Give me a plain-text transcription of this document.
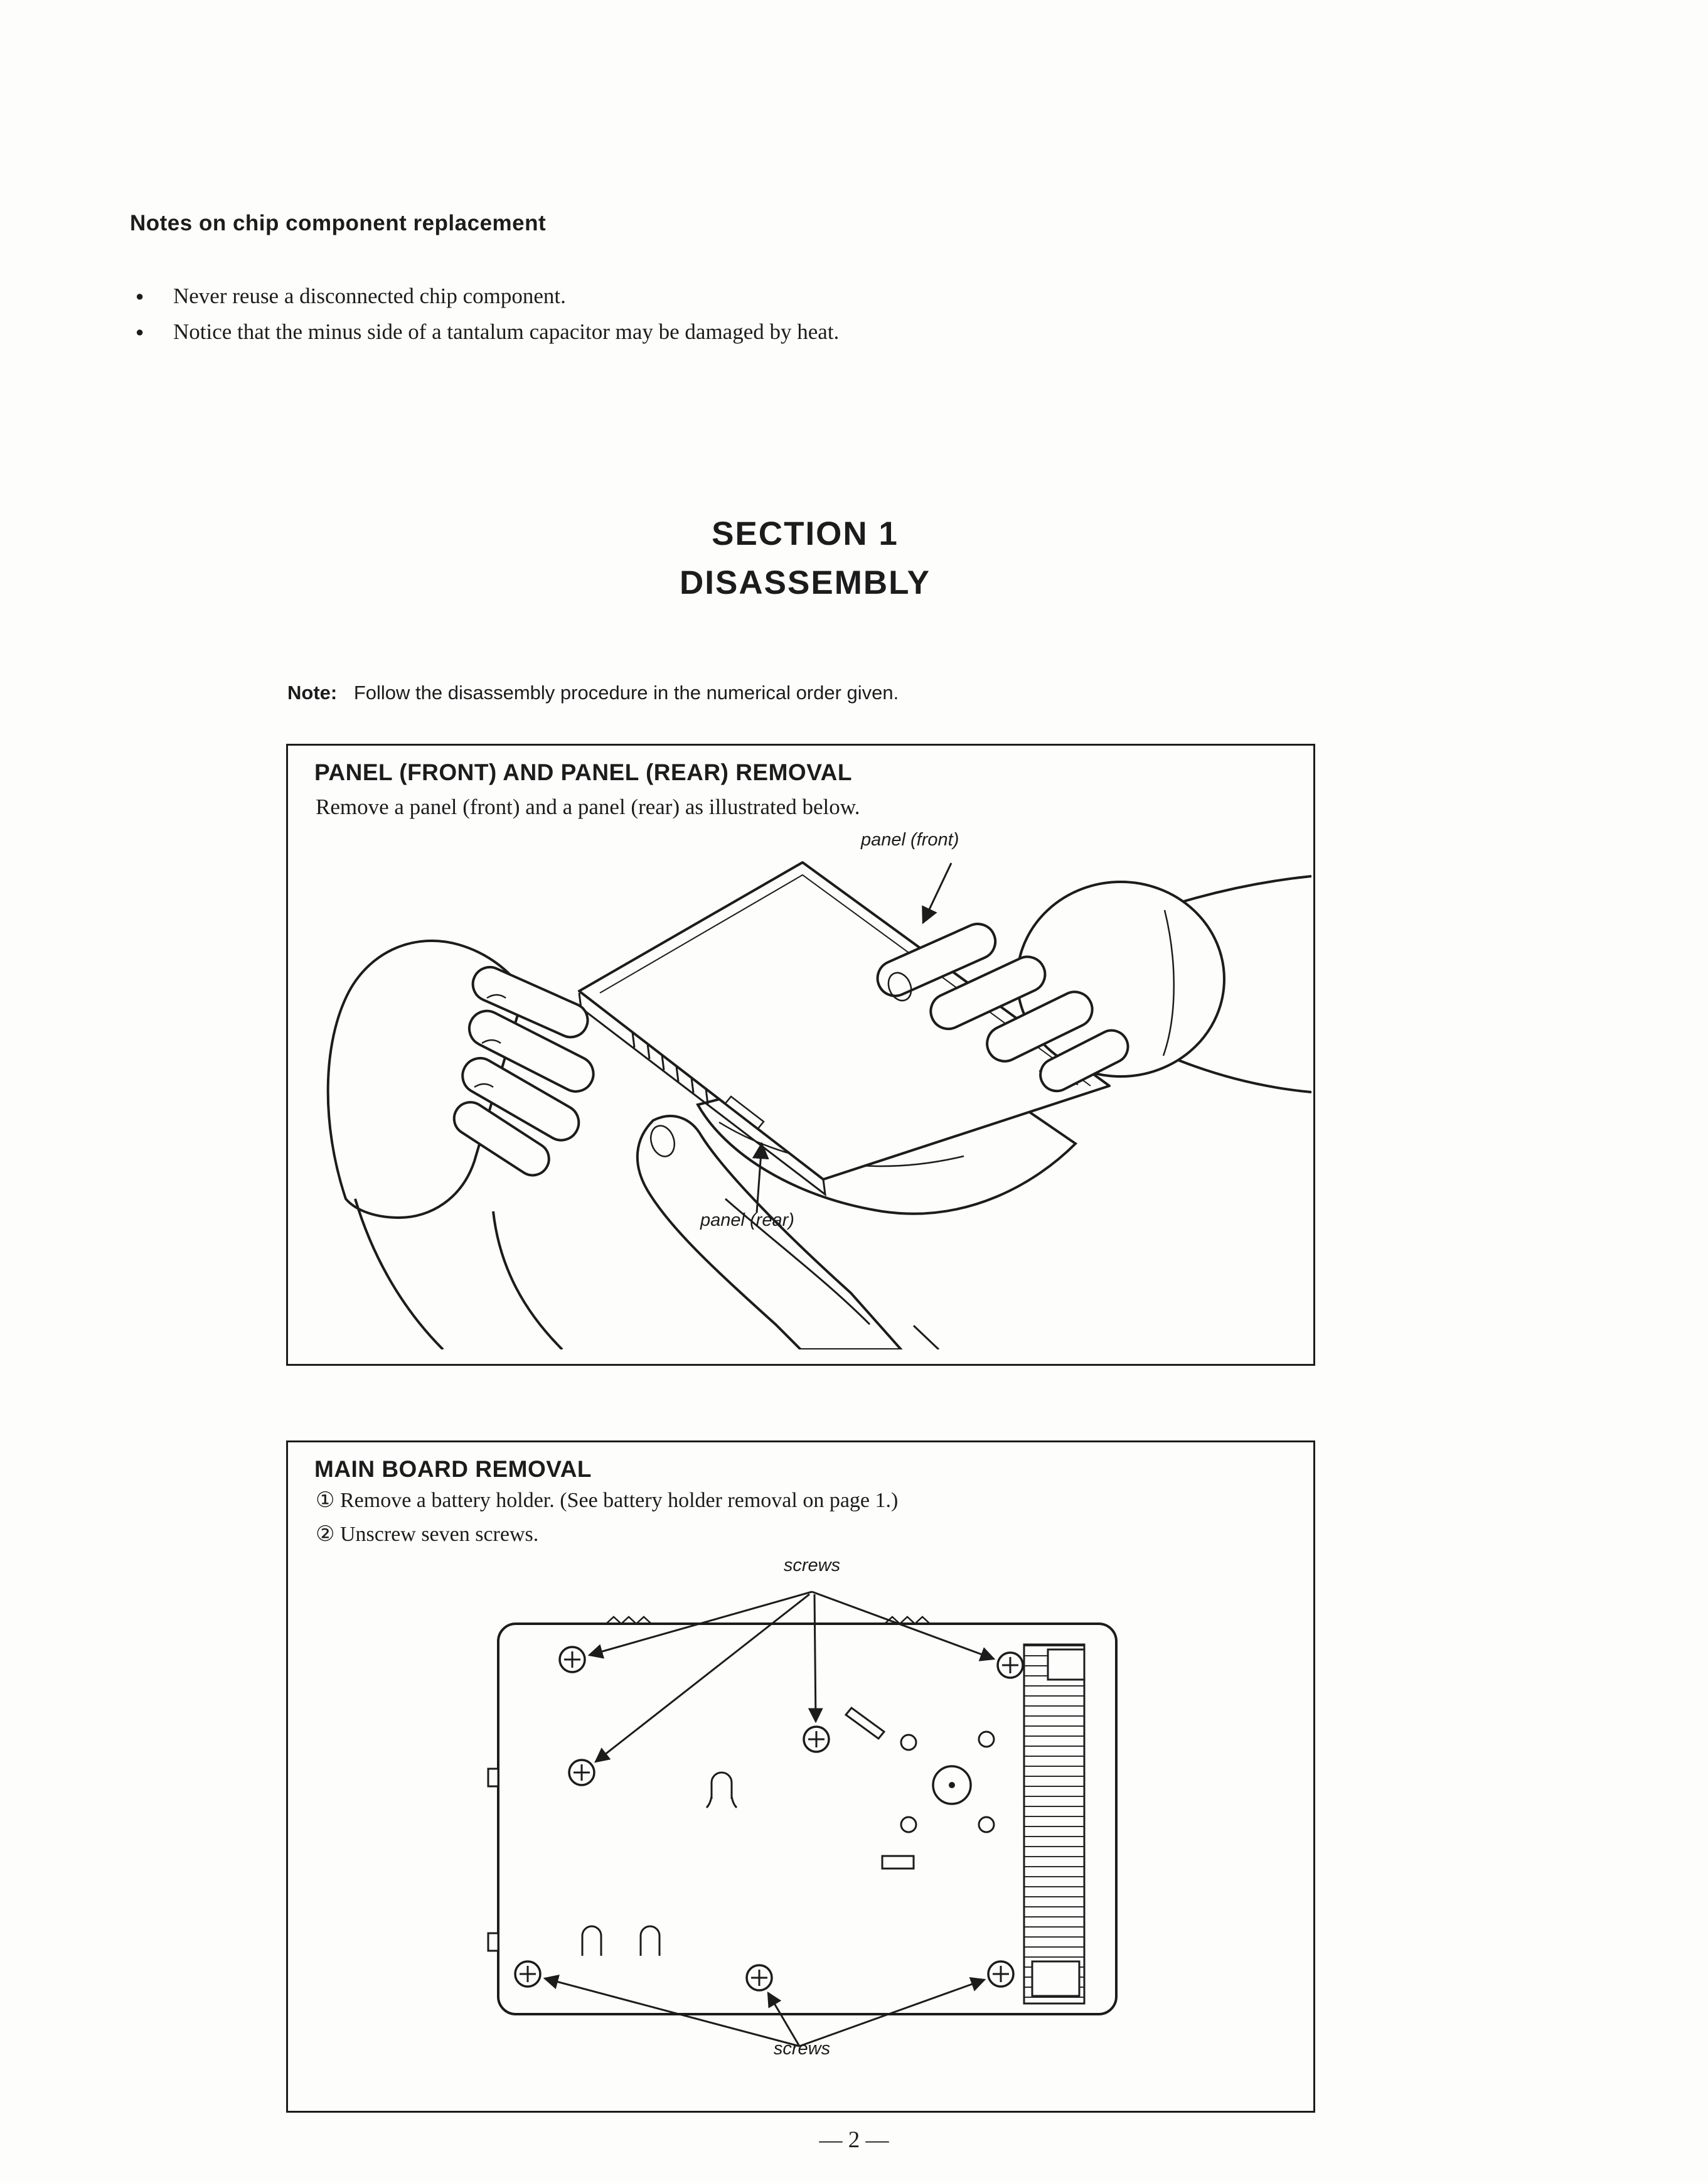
Notes on chip component replacement
●	Never reuse a disconnected chip component.
●	Notice that the minus side of a tantalum capacitor may be damaged by heat.
SECTION 1
DISASSEMBLY
Note: Follow the disassembly procedure in the numerical order given.
PANEL (FRONT) AND PANEL (REAR) REMOVAL
Remove a panel (front) and a panel (rear) as illustrated below.
panel (front)
panel (rear)
MAIN BOARD REMOVAL
① Remove a battery holder. (See battery holder removal on page 1.)
② Unscrew seven screws.
screws
screws
— 2 —
